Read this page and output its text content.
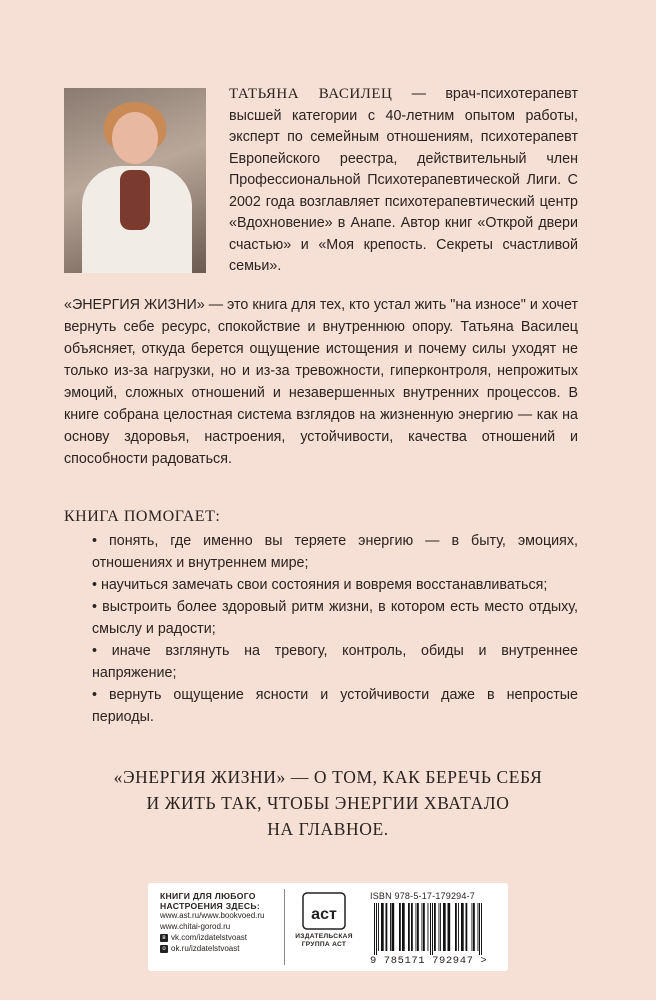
ТАТЬЯНА ВАСИЛЕЦ — врач-психотерапевт высшей категории с 40-летним опытом работы, эксперт по семейным отношениям, психотерапевт Европейского реестра, действительный член Профессиональной Психотерапевтической Лиги. С 2002 года возглавляет психотерапевтический центр «Вдохновение» в Анапе. Автор книг «Открой двери счастью» и «Моя крепость. Секреты счастливой семьи».

«ЭНЕРГИЯ ЖИЗНИ» — это книга для тех, кто устал жить "на износе" и хочет вернуть себе ресурс, спокойствие и внутреннюю опору. Татьяна Василец объясняет, откуда берется ощущение истощения и почему силы уходят не только из-за нагрузки, но и из-за тревожности, гиперконтроля, непрожитых эмоций, сложных отношений и незавершенных внутренних процессов. В книге собрана целостная система взглядов на жизненную энергию — как на основу здоровья, настроения, устойчивости, качества отношений и способности радоваться.

КНИГА ПОМОГАЕТ:
• понять, где именно вы теряете энергию — в быту, эмоциях, отношениях и внутреннем мире;
• научиться замечать свои состояния и вовремя восстанавливаться;
• выстроить более здоровый ритм жизни, в котором есть место отдыху, смыслу и радости;
• иначе взглянуть на тревогу, контроль, обиды и внутреннее напряжение;
• вернуть ощущение ясности и устойчивости даже в непростые периоды.
«ЭНЕРГИЯ ЖИЗНИ» — О ТОМ, КАК БЕРЕЧЬ СЕБЯ
И ЖИТЬ ТАК, ЧТОБЫ ЭНЕРГИИ ХВАТАЛО
НА ГЛАВНОЕ.
КНИГИ ДЛЯ ЛЮБОГО
НАСТРОЕНИЯ ЗДЕСЬ:
www.ast.ru/www.bookvoed.ru
www.chitai-gorod.ru
в vk.com/izdatelstvoast
о ok.ru/izdatelstvoast
аст
ИЗДАТЕЛЬСКАЯ
ГРУППА АСТ
ISBN 978-5-17-179294-7
9 785171 792947 >
